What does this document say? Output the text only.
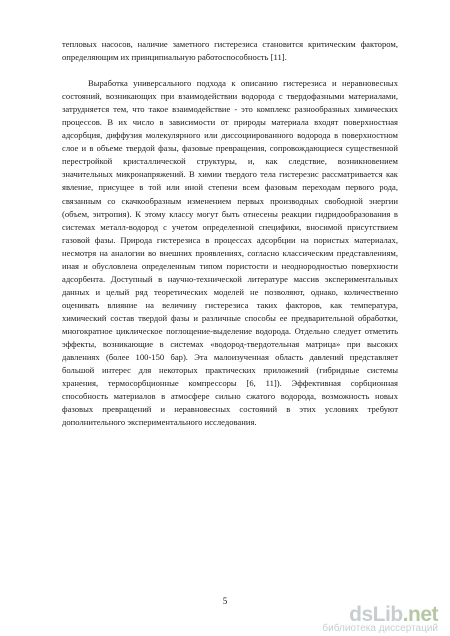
тепловых насосов, наличие заметного гистерезиса становится критическим фактором,
определяющим их принципиальную работоспособность [11].
Выработка универсального подхода к описанию гистерезиса и неравновесных
состояний, возникающих при взаимодействии водорода с твердофазными материалами,
затрудняется тем, что такое взаимодействие - это комплекс разнообразных химических
процессов. В их число в зависимости от природы материала входят поверхностная
адсорбция, диффузия молекулярного или диссоциированного водорода в поверхностном
слое и в объеме твердой фазы, фазовые превращения, сопровождающиеся существенной
перестройкой кристаллической структуры, и, как следствие, возникновением
значительных микронапряжений. В химии твердого тела гистерезис рассматривается как
явление, присущее в той или иной степени всем фазовым переходам первого рода,
связанным со скачкообразным изменением первых производных свободной энергии
(объем, энтропия). К этому классу могут быть отнесены реакции гидридообразования в
системах металл-водород с учетом определенной специфики, вносимой присутствием
газовой фазы. Природа гистерезиса в процессах адсорбции на пористых материалах,
несмотря на аналогии во внешних проявлениях, согласно классическим представлениям,
иная и обусловлена определенным типом пористости и неоднородностью поверхности
адсорбента. Доступный в научно-технической литературе массив экспериментальных
данных и целый ряд теоретических моделей не позволяют, однако, количественно
оценивать влияние на величину гистерезиса таких факторов, как температура,
химический состав твердой фазы и различные способы ее предварительной обработки,
многократное циклическое поглощение-выделение водорода. Отдельно следует отметить
эффекты, возникающие в системах «водород-твердотельная матрица» при высоких
давлениях (более 100-150 бар). Эта малоизученная область давлений представляет
большой интерес для некоторых практических приложений (гибридные системы
хранения, термосорбционные компрессоры [6, 11]). Эффективная сорбционная
способность материалов в атмосфере сильно сжатого водорода, возможность новых
фазовых превращений и неравновесных состояний в этих условиях требуют
дополнительного экспериментального исследования.
5
dsLib.net
библиотека диссертаций
